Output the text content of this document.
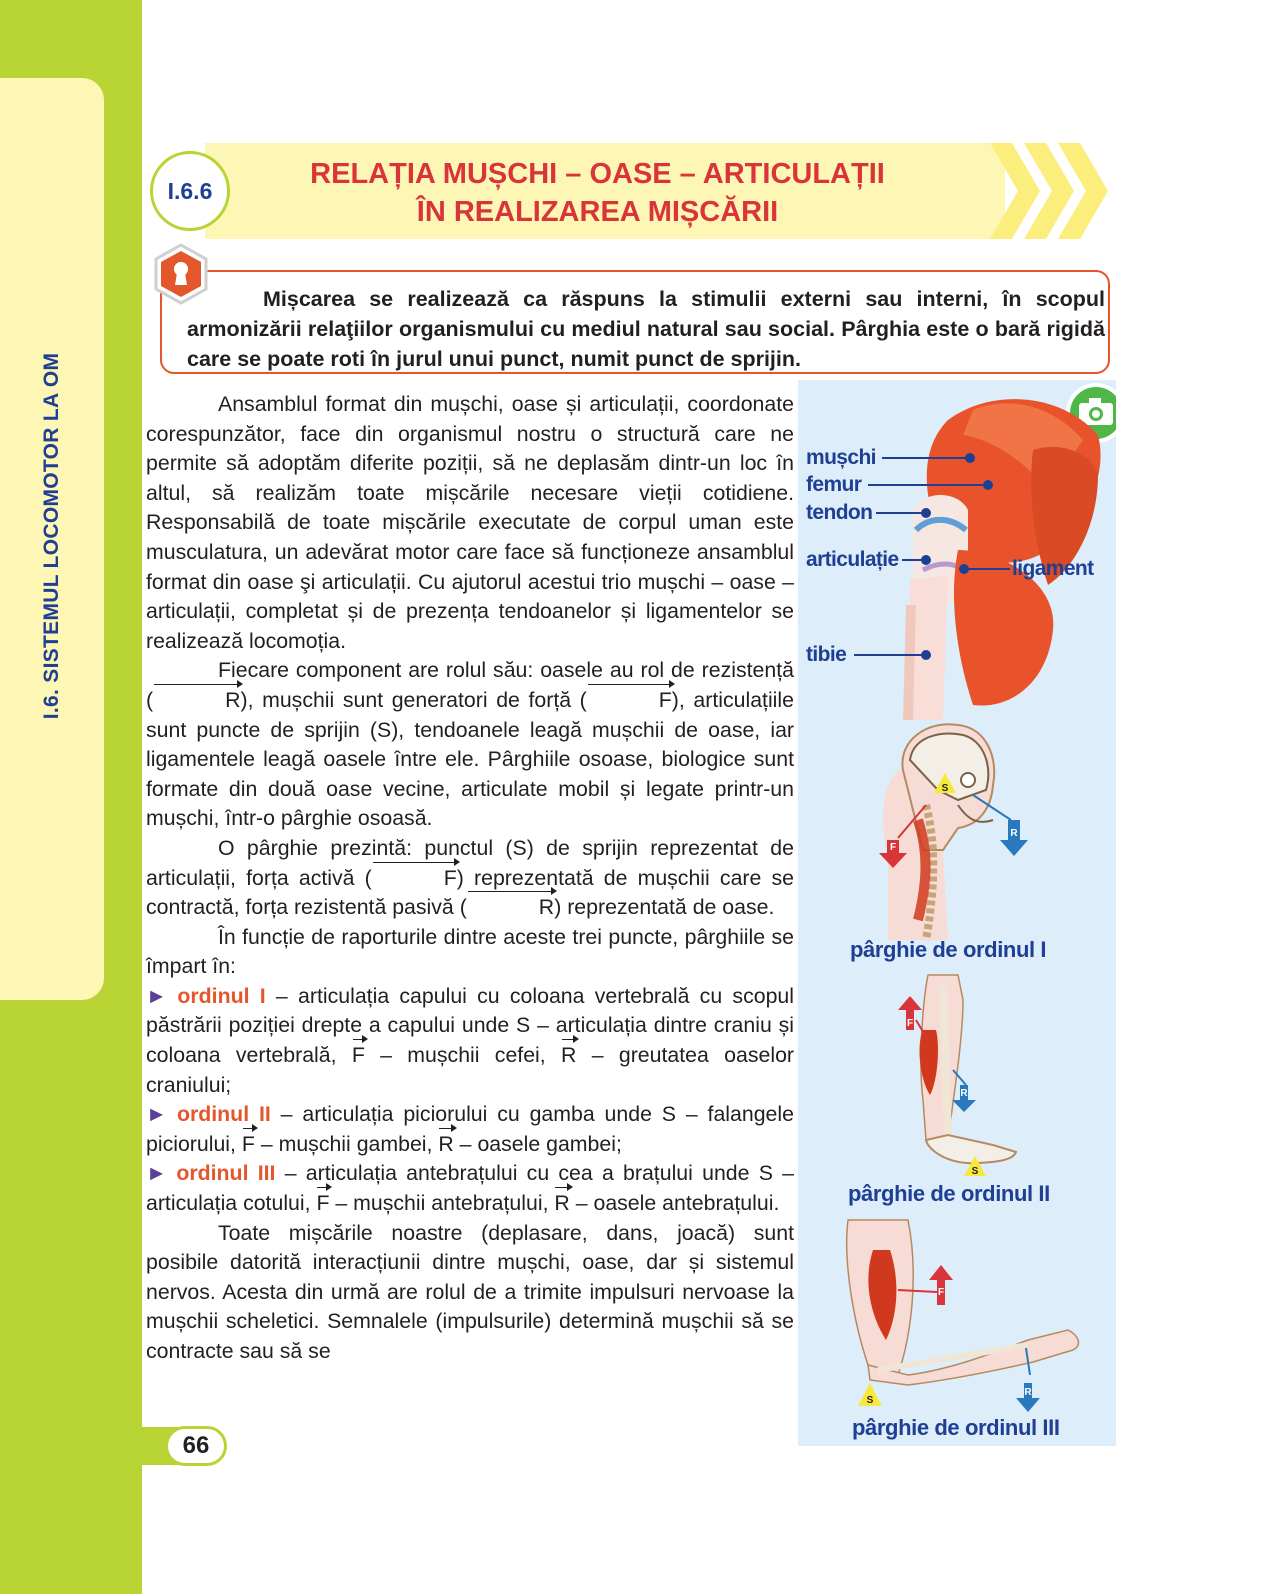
I.6. SISTEMUL LOCOMOTOR LA OM
I.6.6
RELAȚIA MUȘCHI – OASE – ARTICULAȚII
ÎN REALIZAREA MIȘCĂRII

Mișcarea se realizează ca răspuns la stimulii externi sau interni, în scopul armonizării relaţiilor organismului cu mediul natural sau social. Pârghia este o bară rigidă care se poate roti în jurul unui punct, numit punct de sprijin.

Ansamblul format din mușchi, oase și articulații, coordonate corespunzător, face din organismul nostru o structură care ne permite să adoptăm diferite poziții, să ne deplasăm dintr-un loc în altul, să realizăm toate mișcările necesare vieții cotidiene. Responsabilă de toate mișcările executate de corpul uman este musculatura, un adevărat motor care face să funcționeze ansamblul format din oase şi articulații. Cu ajutorul acestui trio mușchi – oase – articulații, completat și de prezența tendoanelor și ligamentelor se realizează locomoția.

Fiecare component are rolul său: oasele au rol de rezistență (	R), mușchii sunt generatori de forță (	F), articulațiile sunt puncte de sprijin (S), tendoanele leagă mușchii de oase, iar ligamentele leagă oasele între ele. Pârghiile osoase, biologice sunt formate din două oase vecine, articulate mobil și legate printr-un mușchi, într-o pârghie osoasă.

O pârghie prezintă: punctul (S) de sprijin reprezentat de articulații, forța activă (	F) reprezentată de mușchii care se contractă, forța rezistentă pasivă (	R) reprezentată de oase.

În funcție de raporturile dintre aceste trei puncte, pârghiile se împart în:

► ordinul I – articulația capului cu coloana vertebrală cu scopul păstrării poziției drepte a capului unde S – articulația dintre craniu și coloana vertebrală, F – mușchii cefei, R – greutatea oaselor craniului;

► ordinul II – articulația piciorului cu gamba unde S – falangele piciorului, F – mușchii gambei, R – oasele gambei;

► ordinul III – articulația antebrațului cu cea a brațului unde S – articulația cotului, F – mușchii antebrațului, R – oasele antebrațului.

Toate mișcările noastre (deplasare, dans, joacă) sunt posibile datorită interacțiunii dintre mușchi, oase, dar și sistemul nervos. Acesta din urmă are rolul de a trimite impulsuri nervoase la mușchii scheletici. Semnalele (impulsurile) determină mușchii să se contracte sau să se

S
F
R
S
F
R
S
F
R
mușchi
femur
tendon
articulație	ligament
tibie
pârghie de ordinul I
pârghie de ordinul II
pârghie de ordinul III
66
